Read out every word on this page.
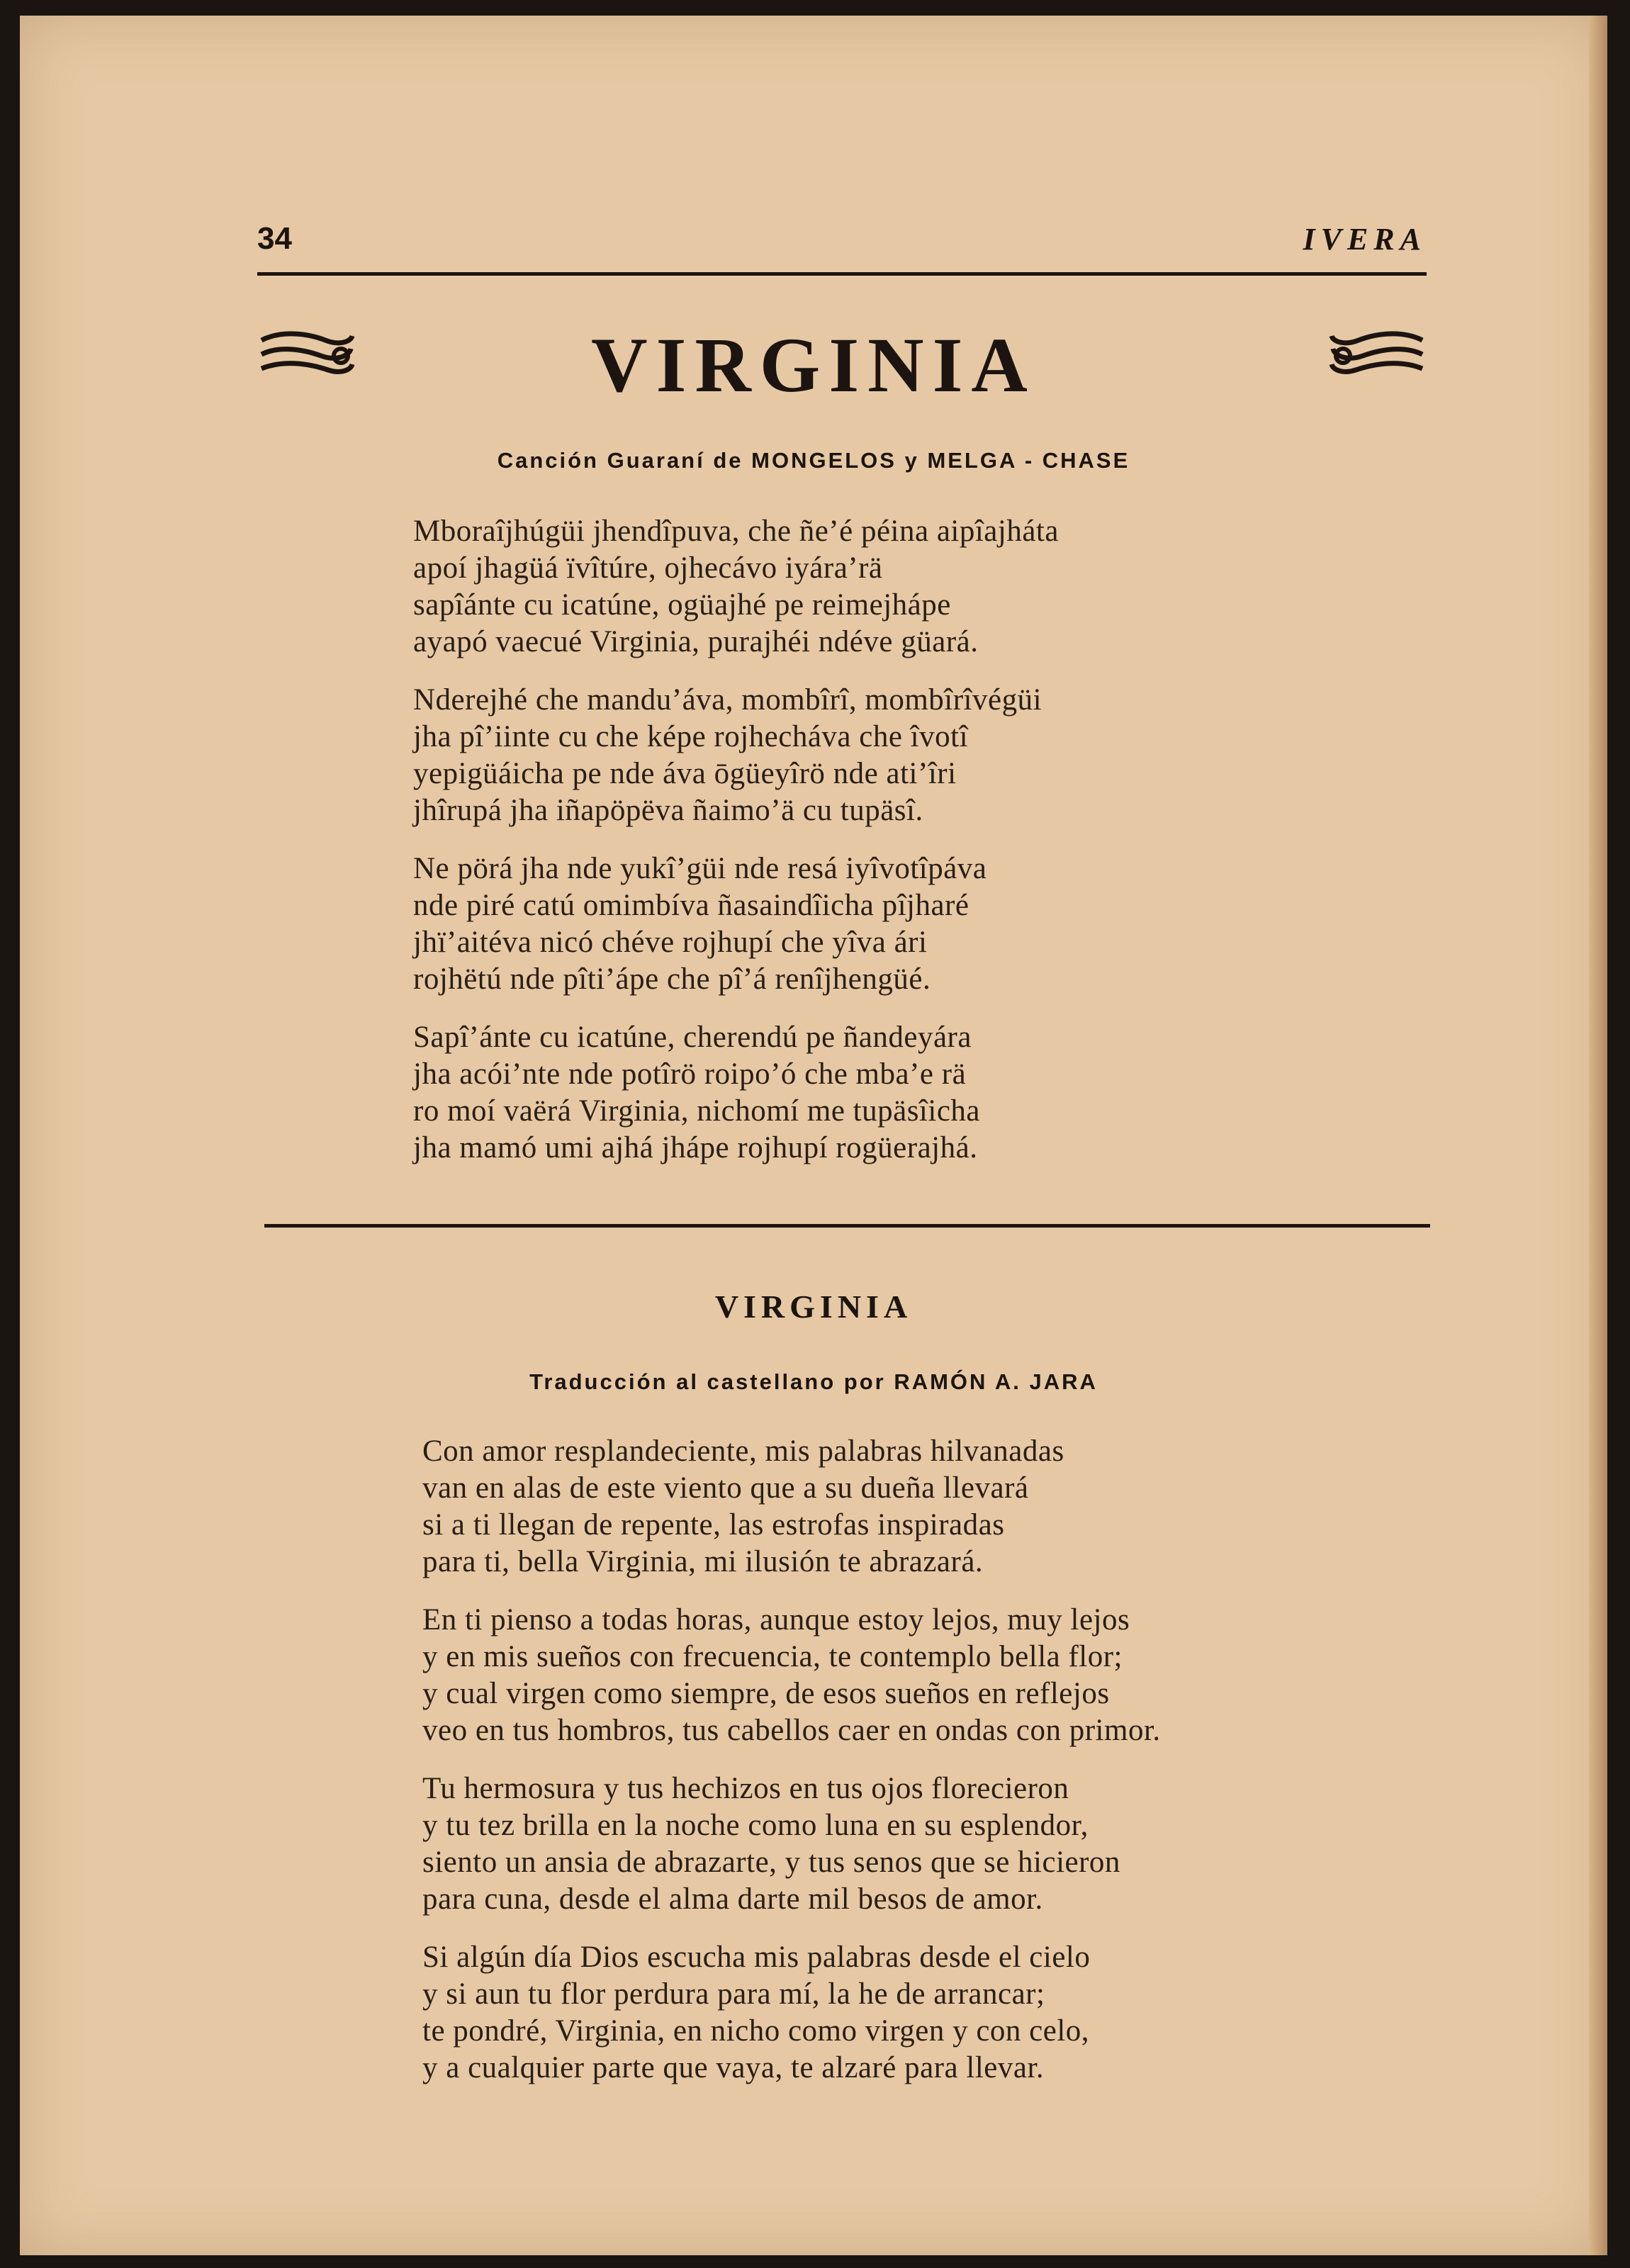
34	IVERA
VIRGINIA
Canción Guaraní de MONGELOS y MELGA - CHASE

Mboraîjhúgüi jhendîpuva, che ñe’é péina aipîajháta
apoí jhagüá ïvîtúre, ojhecávo iyára’rä
sapîánte cu icatúne, ogüajhé pe reimejhápe
ayapó vaecué Virginia, purajhéi ndéve güará.

Nderejhé che mandu’áva, mombîrî, mombîrîvégüi
jha pî’iinte cu che képe rojhecháva che îvotî
yepigüáicha pe nde áva ōgüeyîrö nde ati’îri
jhîrupá jha iñapöpëva ñaimo’ä cu tupäsî.

Ne pörá jha nde yukî’güi nde resá iyîvotîpáva
nde piré catú omimbíva ñasaindîicha pîjharé
jhï’aitéva nicó chéve rojhupí che yîva ári
rojhëtú nde pîti’ápe che pî’á renîjhengüé.

Sapî’ánte cu icatúne, cherendú pe ñandeyára
jha acói’nte nde potîrö roipo’ó che mba’e rä
ro moí vaërá Virginia, nichomí me tupäsîicha
jha mamó umi ajhá jhápe rojhupí rogüerajhá.

VIRGINIA
Traducción al castellano por RAMÓN A. JARA

Con amor resplandeciente, mis palabras hilvanadas
van en alas de este viento que a su dueña llevará
si a ti llegan de repente, las estrofas inspiradas
para ti, bella Virginia, mi ilusión te abrazará.

En ti pienso a todas horas, aunque estoy lejos, muy lejos
y en mis sueños con frecuencia, te contemplo bella flor;
y cual virgen como siempre, de esos sueños en reflejos
veo en tus hombros, tus cabellos caer en ondas con primor.

Tu hermosura y tus hechizos en tus ojos florecieron
y tu tez brilla en la noche como luna en su esplendor,
siento un ansia de abrazarte, y tus senos que se hicieron
para cuna, desde el alma darte mil besos de amor.

Si algún día Dios escucha mis palabras desde el cielo
y si aun tu flor perdura para mí, la he de arrancar;
te pondré, Virginia, en nicho como virgen y con celo,
y a cualquier parte que vaya, te alzaré para llevar.
